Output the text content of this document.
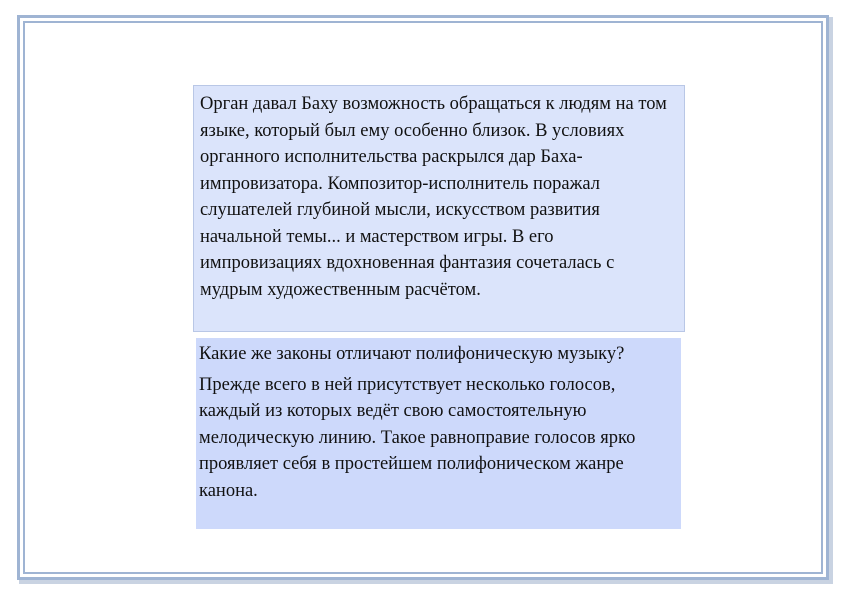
Орган давал Баху возможность обращаться к людям на том языке, который был ему особенно близок. В условиях органного исполнительства раскрылся дар Баха-импровизатора. Композитор-исполнитель поражал слушателей глубиной мысли, искусством развития начальной темы... и мастерством игры. В его импровизациях вдохновенная фантазия сочеталась с мудрым художественным расчётом.

Какие же законы отличают полифоническую музыку?

Прежде всего в ней присутствует несколько голосов, каждый из которых ведёт свою самостоятельную мелодическую линию. Такое равноправие голосов ярко проявляет себя в простейшем полифоническом жанре канона.
